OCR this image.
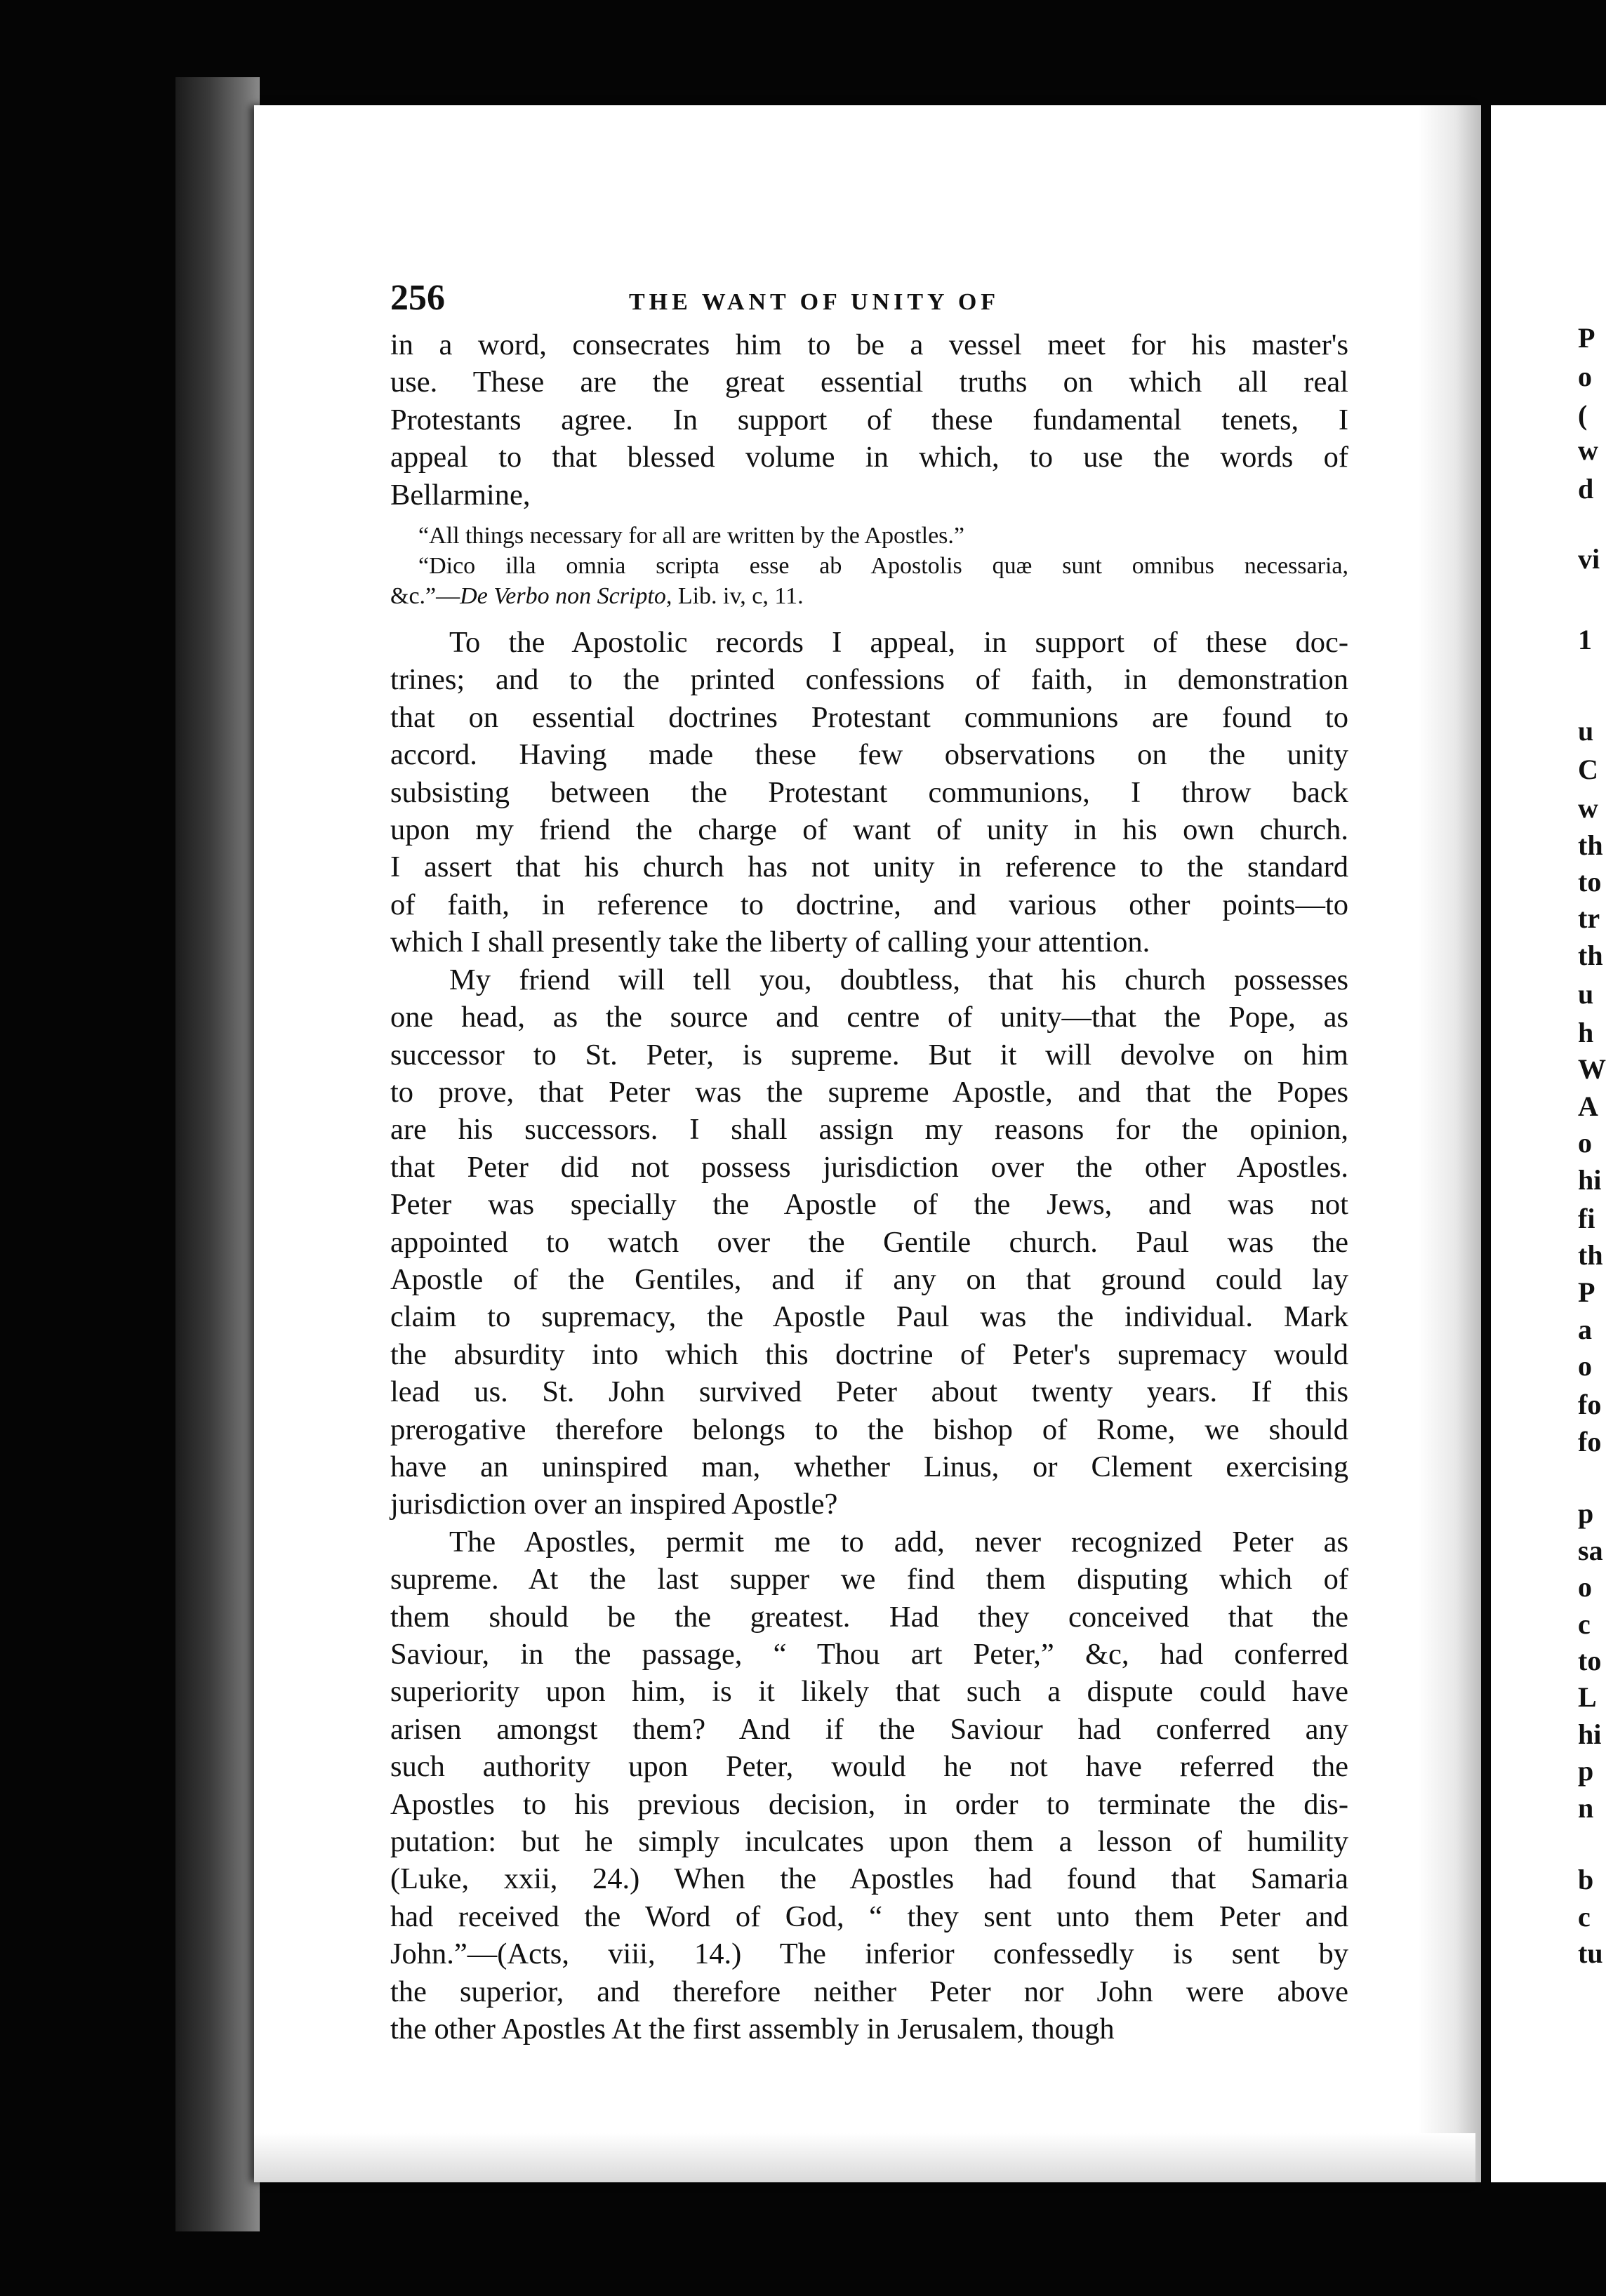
P
o
(
w
d
vi
1
u
C
w
th
to
tr
th
u
h
W
A
o
hi
fi
th
P
a
o
fo
fo
p
sa
o
c
to
L
hi
p
n
b
c
tu
256	THE WANT OF UNITY OF
in a word, consecrates him to be a vessel meet for his master's
use. These are the great essential truths on which all real
Protestants agree. In support of these fundamental tenets, I
appeal to that blessed volume in which, to use the words of
Bellarmine,
“All things necessary for all are written by the Apostles.”
“Dico illa omnia scripta esse ab Apostolis quæ sunt omnibus necessaria,
&c.”—De Verbo non Scripto, Lib. iv, c, 11.
To the Apostolic records I appeal, in support of these doc-
trines; and to the printed confessions of faith, in demonstration
that on essential doctrines Protestant communions are found to
accord. Having made these few observations on the unity
subsisting between the Protestant communions, I throw back
upon my friend the charge of want of unity in his own church.
I assert that his church has not unity in reference to the standard
of faith, in reference to doctrine, and various other points—to
which I shall presently take the liberty of calling your attention.
My friend will tell you, doubtless, that his church possesses
one head, as the source and centre of unity—that the Pope, as
successor to St. Peter, is supreme. But it will devolve on him
to prove, that Peter was the supreme Apostle, and that the Popes
are his successors. I shall assign my reasons for the opinion,
that Peter did not possess jurisdiction over the other Apostles.
Peter was specially the Apostle of the Jews, and was not
appointed to watch over the Gentile church. Paul was the
Apostle of the Gentiles, and if any on that ground could lay
claim to supremacy, the Apostle Paul was the individual. Mark
the absurdity into which this doctrine of Peter's supremacy would
lead us. St. John survived Peter about twenty years. If this
prerogative therefore belongs to the bishop of Rome, we should
have an uninspired man, whether Linus, or Clement exercising
jurisdiction over an inspired Apostle?
The Apostles, permit me to add, never recognized Peter as
supreme. At the last supper we find them disputing which of
them should be the greatest. Had they conceived that the
Saviour, in the passage, “ Thou art Peter,” &c, had conferred
superiority upon him, is it likely that such a dispute could have
arisen amongst them? And if the Saviour had conferred any
such authority upon Peter, would he not have referred the
Apostles to his previous decision, in order to terminate the dis-
putation: but he simply inculcates upon them a lesson of humility
(Luke, xxii, 24.) When the Apostles had found that Samaria
had received the Word of God, “ they sent unto them Peter and
John.”—(Acts, viii, 14.) The inferior confessedly is sent by
the superior, and therefore neither Peter nor John were above
the other Apostles At the first assembly in Jerusalem, though
